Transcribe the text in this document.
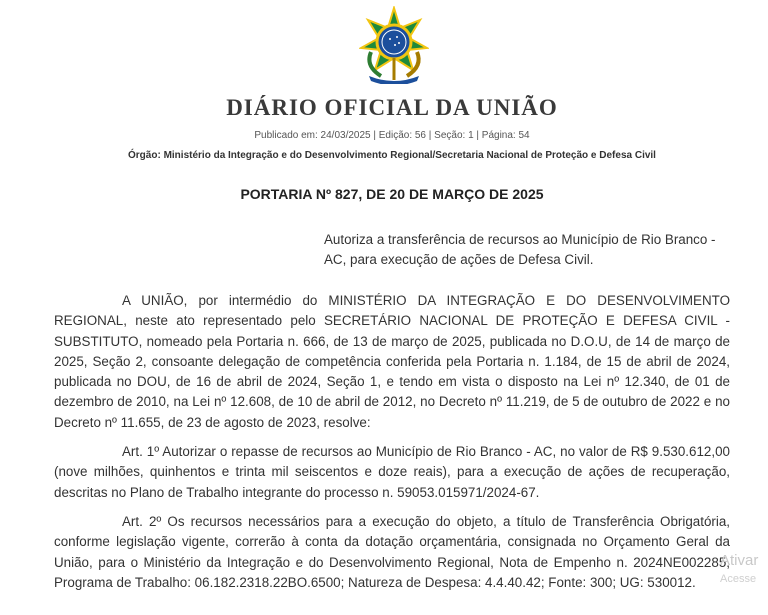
DIÁRIO OFICIAL DA UNIÃO
Publicado em: 24/03/2025 | Edição: 56 | Seção: 1 | Página: 54
Órgão: Ministério da Integração e do Desenvolvimento Regional/Secretaria Nacional de Proteção e Defesa Civil
PORTARIA Nº 827, DE 20 DE MARÇO DE 2025
Autoriza a transferência de recursos ao Município de Rio Branco - AC, para execução de ações de Defesa Civil.

A UNIÃO, por intermédio do MINISTÉRIO DA INTEGRAÇÃO E DO DESENVOLVIMENTO REGIONAL, neste ato representado pelo SECRETÁRIO NACIONAL DE PROTEÇÃO E DEFESA CIVIL - SUBSTITUTO, nomeado pela Portaria n. 666, de 13 de março de 2025, publicada no D.O.U, de 14 de março de 2025, Seção 2, consoante delegação de competência conferida pela Portaria n. 1.184, de 15 de abril de 2024, publicada no DOU, de 16 de abril de 2024, Seção 1, e tendo em vista o disposto na Lei nº 12.340, de 01 de dezembro de 2010, na Lei nº 12.608, de 10 de abril de 2012, no Decreto nº 11.219, de 5 de outubro de 2022 e no Decreto nº 11.655, de 23 de agosto de 2023, resolve:

Art. 1º Autorizar o repasse de recursos ao Município de Rio Branco - AC, no valor de R$ 9.530.612,00 (nove milhões, quinhentos e trinta mil seiscentos e doze reais), para a execução de ações de recuperação, descritas no Plano de Trabalho integrante do processo n. 59053.015971/2024-67.

Art. 2º Os recursos necessários para a execução do objeto, a título de Transferência Obrigatória, conforme legislação vigente, correrão à conta da dotação orçamentária, consignada no Orçamento Geral da União, para o Ministério da Integração e do Desenvolvimento Regional, Nota de Empenho n. 2024NE002285, Programa de Trabalho: 06.182.2318.22BO.6500; Natureza de Despesa: 4.4.40.42; Fonte: 300; UG: 530012.

Ativar
Acesse
